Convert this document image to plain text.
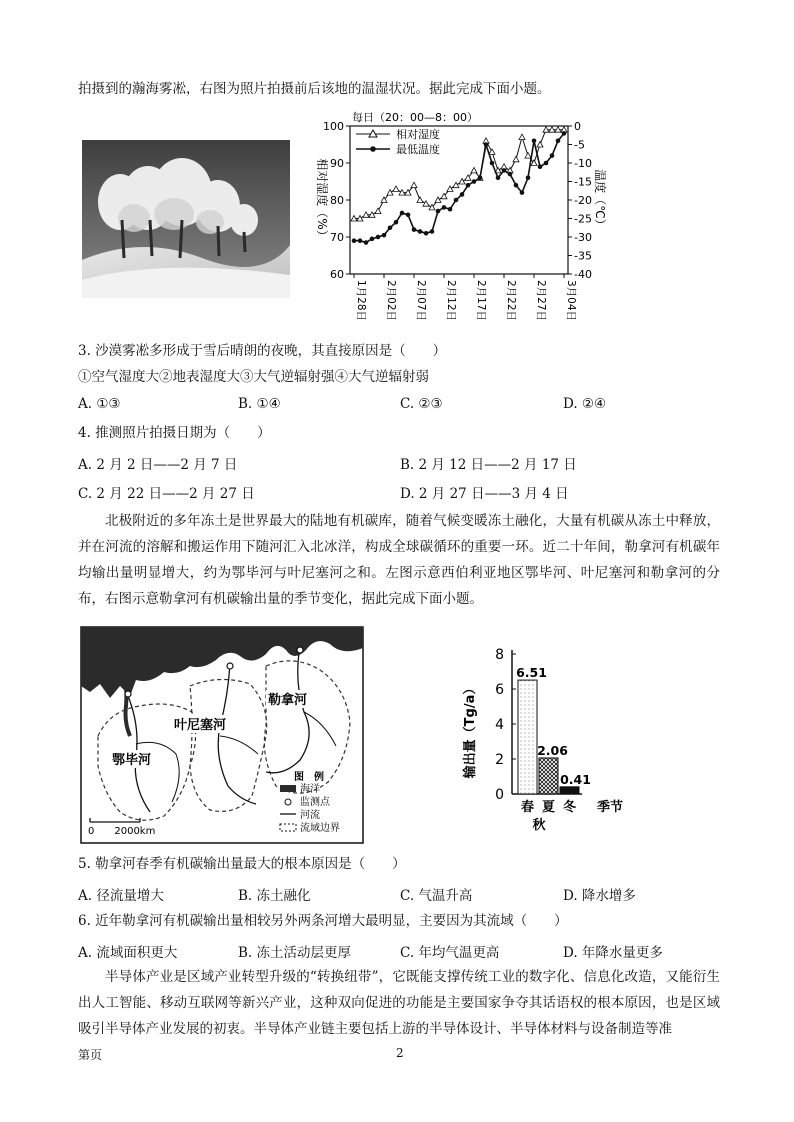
拍摄到的瀚海雾凇，右图为照片拍摄前后该地的温湿状况。据此完成下面小题。
100
90
80
70
60
0
-5
-10
-15
-20
-25
-30
-35
-40
1月28日 2月02日 2月07日 2月12日 2月17日 2月22日 2月27日 3月04日
相对湿度（%）	温度（℃）
每日（20：00—8：00）
相对湿度
最低温度
3. 沙漠雾凇多形成于雪后晴朗的夜晚，其直接原因是（　　）
①空气湿度大②地表湿度大③大气逆辐射强④大气逆辐射弱
A. ①③	B. ①④	C. ②③	D. ②④
4. 推测照片拍摄日期为（　　）
A. 2 月 2 日——2 月 7 日	B. 2 月 12 日——2 月 17 日
C. 2 月 22 日——2 月 27 日	D. 2 月 27 日——3 月 4 日
北极附近的多年冻土是世界最大的陆地有机碳库，随着气候变暖冻土融化，大量有机碳从冻土中释放，并在河流的溶解和搬运作用下随河汇入北冰洋，构成全球碳循环的重要一环。近二十年间，勒拿河有机碳年均输出量明显增大，约为鄂毕河与叶尼塞河之和。左图示意西伯利亚地区鄂毕河、叶尼塞河和勒拿河的分布，右图示意勒拿河有机碳输出量的季节变化，据此完成下面小题。
勒拿河
叶尼塞河
鄂毕河
图　例
海洋
监测点
河流
流域边界
0　　2000km
0
2
4
6
8
输出量（Tg/a）
6.51
2.06
0.41
春 夏
秋
冬 季节
5. 勒拿河春季有机碳输出量最大的根本原因是（　　）
A. 径流量增大	B. 冻土融化	C. 气温升高	D. 降水增多
6. 近年勒拿河有机碳输出量相较另外两条河增大最明显，主要因为其流域（　　）
A. 流域面积更大	B. 冻土活动层更厚	C. 年均气温更高	D. 年降水量更多
半导体产业是区域产业转型升级的“转换纽带”，它既能支撑传统工业的数字化、信息化改造，又能衍生出人工智能、移动互联网等新兴产业，这种双向促进的功能是主要国家争夺其话语权的根本原因，也是区域吸引半导体产业发展的初衷。半导体产业链主要包括上游的半导体设计、半导体材料与设备制造等准
第页	2
